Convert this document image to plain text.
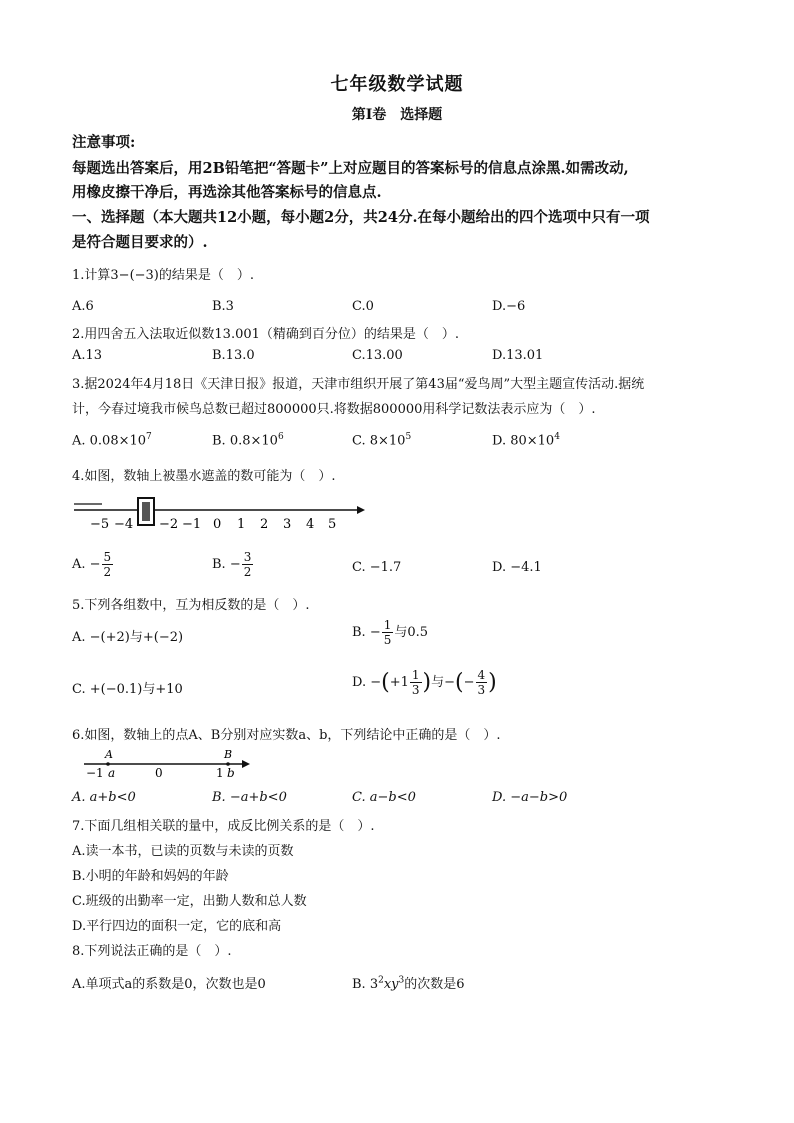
七年级数学试题
第Ⅰ卷　选择题
注意事项:
每题选出答案后，用2B铅笔把“答题卡”上对应题目的答案标号的信息点涂黑.如需改动,
用橡皮擦干净后，再选涂其他答案标号的信息点.
一、选择题（本大题共12小题，每小题2分，共24分.在每小题给出的四个选项中只有一项
是符合题目要求的）.
1.计算3−(−3)的结果是（　）.
A.6	B.3	C.0	D.−6
2.用四舍五入法取近似数13.001（精确到百分位）的结果是（　）.
A.13	B.13.0	C.13.00	D.13.01
3.据2024年4月18日《天津日报》报道，天津市组织开展了第43届“爱鸟周”大型主题宣传活动.据统
计，今春过境我市候鸟总数已超过800000只.将数据800000用科学记数法表示应为（　）.
A. $0.08\times 10^7$	B. $0.8\times 10^6$	C. $8\times 10^5$	D. $80\times 10^4$
4.如图，数轴上被墨水遮盖的数可能为（　）.
−5 −4 −2 −1 0 1 2 3 4 5
A. − $\frac{5}{2}$	B. − $\frac{3}{2}$	C. −1.7	D. −4.1
5.下列各组数中，互为相反数的是（　）.
A. −(+2)与+(−2)	B. − $\frac{1}{5}$ 与0.5
C. +(−0.1)与+10	D. $-(+1 \frac{1}{3}$ )与−(− $\frac{4}{3}$ )
6.如图，数轴上的点A、B分别对应实数a、b，下列结论中正确的是（　）.
A	B
−1 a	0	1 b
A. a+b<0	B. −a+b<0	C. a−b<0	D. −a−b>0
7.下面几组相关联的量中，成反比例关系的是（　）.
A.读一本书，已读的页数与未读的页数
B.小明的年龄和妈妈的年龄
C.班级的出勤率一定，出勤人数和总人数
D.平行四边的面积一定，它的底和高
8.下列说法正确的是（　）.
A.单项式a的系数是0，次数也是0	B. $3^2xy^3$的次数是6
